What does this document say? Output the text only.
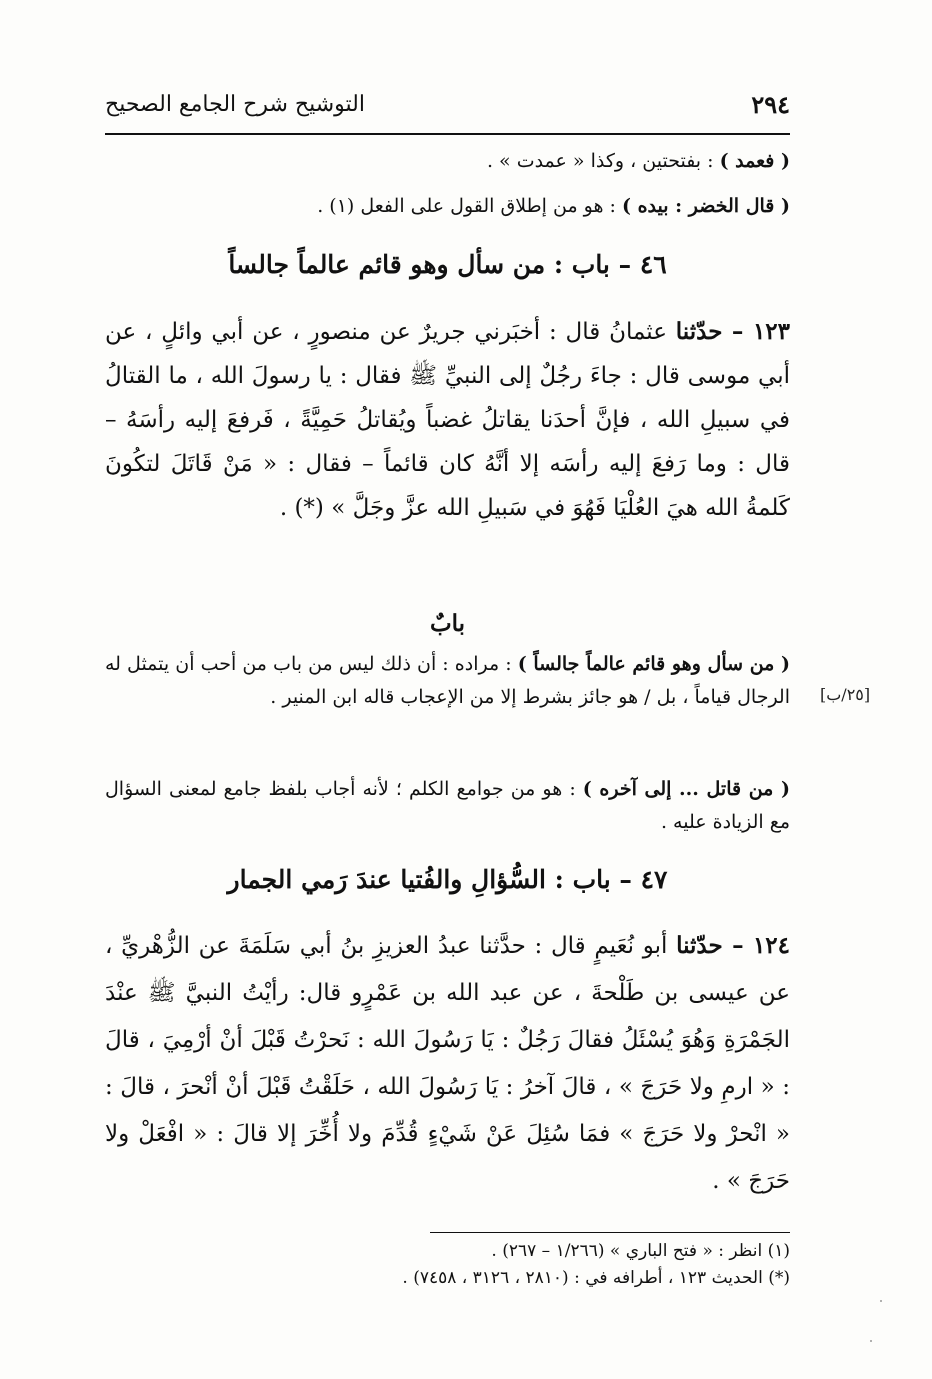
٢٩٤
التوشيح شرح الجامع الصحيح

( فعمد ) : بفتحتين ، وكذا « عمدت » .

( قال الخضر : بيده ) : هو من إطلاق القول على الفعل (١) .

٤٦ – باب : من سأل وهو قائم عالماً جالساً

١٢٣ – حدّثنا عثمانُ قال : أخبَرني جريرٌ عن منصورٍ ، عن أبي وائلٍ ، عن أبي موسى قال : جاءَ رجُلٌ إلى النبيِّ ﷺ فقال : يا رسولَ الله ، ما القتالُ في سبيلِ الله ، فإنَّ أحدَنا يقاتلُ غضباً ويُقاتلُ حَمِيَّةً ، فَرفعَ إليه رأسَهُ – قال : وما رَفعَ إليه رأسَه إلا أنَّهُ كان قائماً – فقال : « مَنْ قَاتَلَ لتكُونَ كَلمةُ الله هيَ العُلْيَا فَهُوَ في سَبيلِ الله عزَّ وجَلَّ » (*) .

بابٌ
[٢٥/ب]

( من سأل وهو قائم عالماً جالساً ) : مراده : أن ذلك ليس من باب من أحب أن يتمثل له الرجال قياماً ، بل / هو جائز بشرط إلا من الإعجاب قاله ابن المنير .

( من قاتل ... إلى آخره ) : هو من جوامع الكلم ؛ لأنه أجاب بلفظ جامع لمعنى السؤال مع الزيادة عليه .

٤٧ – باب : السُّؤالِ والفُتيا عندَ رَمي الجمار

١٢٤ – حدّثنا أبو نُعَيمٍ قال : حدَّثنا عبدُ العزيزِ بنُ أبي سَلَمَةَ عن الزُّهْريِّ ، عن عيسى بن طَلْحةَ ، عن عبد الله بن عَمْرٍو قال: رأيْتُ النبيَّ ﷺ عنْدَ الجَمْرَةِ وَهُوَ يُسْئَلُ فقالَ رَجُلٌ : يَا رَسُولَ الله : نَحرْتُ قَبْلَ أنْ أرْمِيَ ، قالَ : « ارمِ ولا حَرَجَ » ، قالَ آخرُ : يَا رَسُولَ الله ، حَلَقْتُ قَبْلَ أنْ أنْحرَ ، قالَ : « انْحرْ ولا حَرَجَ » فمَا سُئِلَ عَنْ شَيْءٍ قُدِّمَ ولا أُخِّرَ إلا قالَ : « افْعَلْ ولا حَرَجَ » .

(١) انظر : « فتح الباري » (١/٢٦٦ – ٢٦٧) .
(*) الحديث ١٢٣ ، أطرافه في : (٢٨١٠ ، ٣١٢٦ ، ٧٤٥٨) .
